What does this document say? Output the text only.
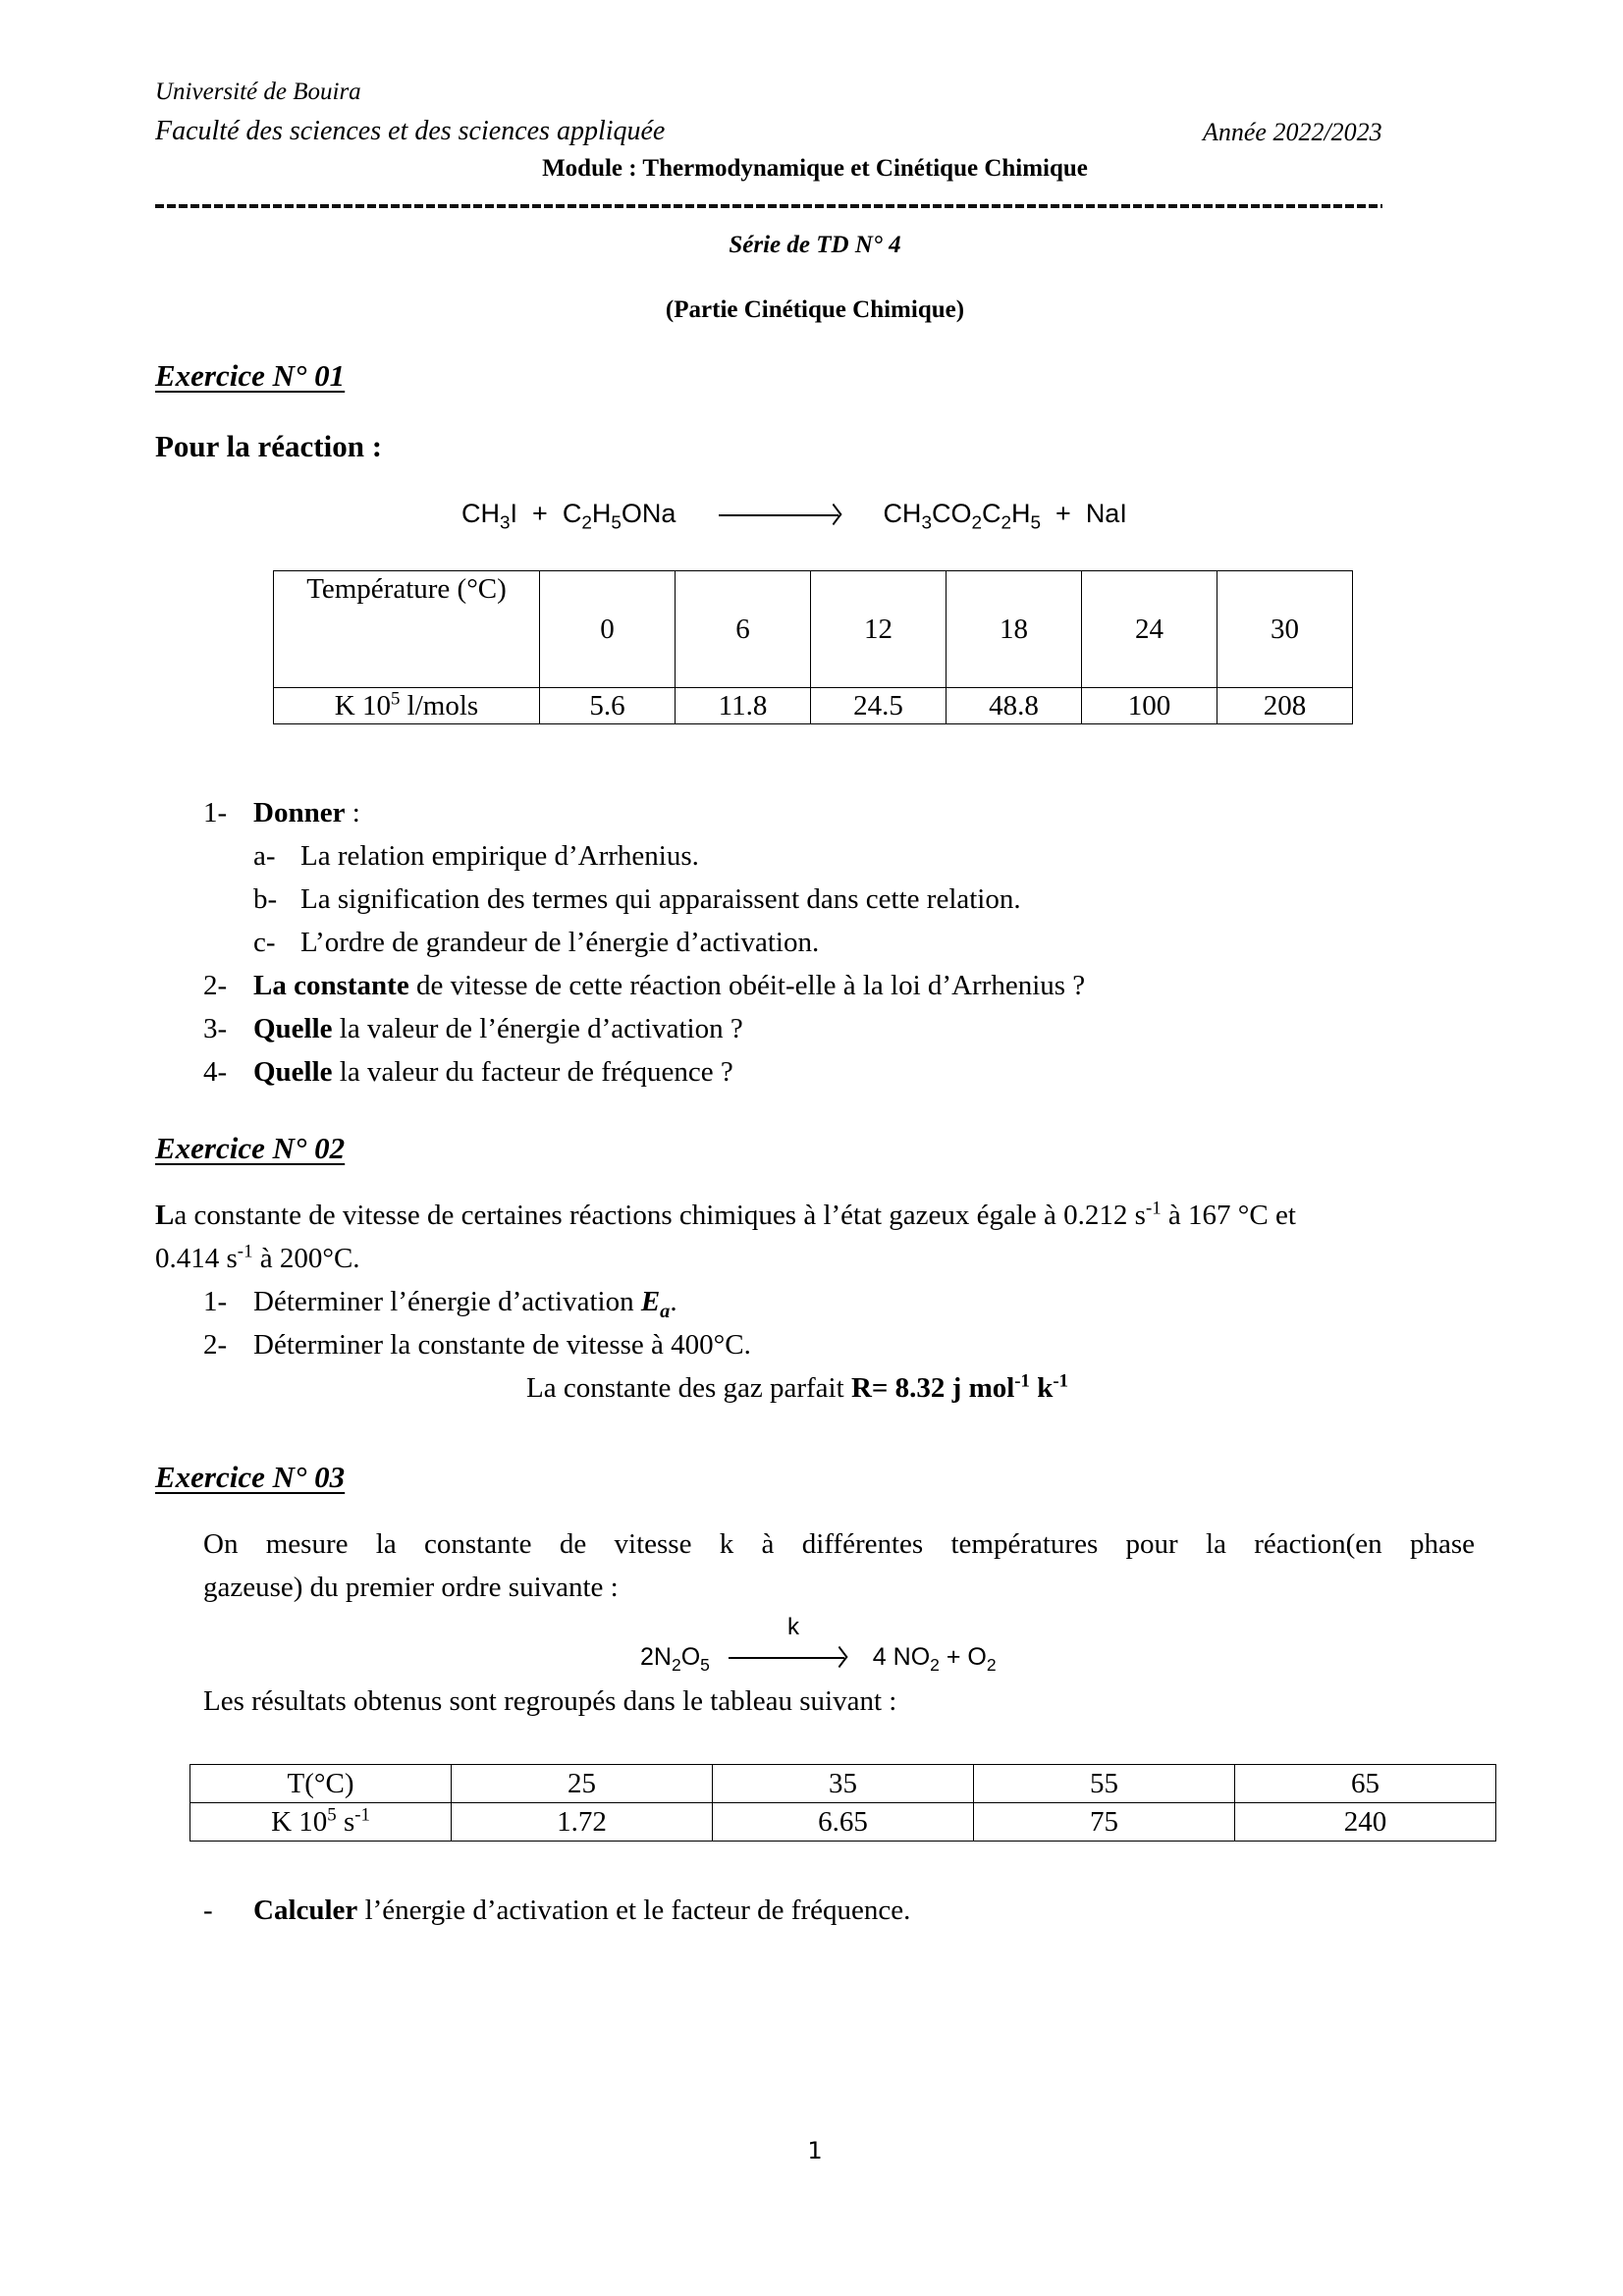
Université de Bouira
Faculté des sciences et des sciences appliquée	Année 2022/2023
Module : Thermodynamique et Cinétique Chimique
Série de TD N° 4
(Partie Cinétique Chimique)
Exercice N° 01
Pour la réaction :
$CH_3I + C_2H_5ONa$	$CH_3CO_2C_2H_5$ + NaI
Température (°C)	0	6	12	18	24	30
K $10^5$ l/mols	5.6	11.8	24.5	48.8	100	208
1- Donner :
a- La relation empirique d’Arrhenius.
b- La signification des termes qui apparaissent dans cette relation.
c- L’ordre de grandeur de l’énergie d’activation.
2- La constante de vitesse de cette réaction obéit-elle à la loi d’Arrhenius ?
3- Quelle la valeur de l’énergie d’activation ?
4- Quelle la valeur du facteur de fréquence ?
Exercice N° 02
La constante de vitesse de certaines réactions chimiques à l’état gazeux égale à 0.212 $s^{-1}$ à 167 °C et
0.414 $s^{-1}$ à 200°C.
1- Déterminer l’énergie d’activation $E_a$.
2- Déterminer la constante de vitesse à 400°C.
La constante des gaz parfait R= 8.32 j mol$^{-1}$ $k^{-1}$
Exercice N° 03
On mesure la constante de vitesse k à différentes températures pour la réaction(en phase
gazeuse) du premier ordre suivante :
k
$2N_2O_5$	4 $NO_2 + O_2$
Les résultats obtenus sont regroupés dans le tableau suivant :
T(°C)	25	35	55	65
K $10^5$ $s^{-1}$	1.72	6.65	75	240
- Calculer l’énergie d’activation et le facteur de fréquence.
1
